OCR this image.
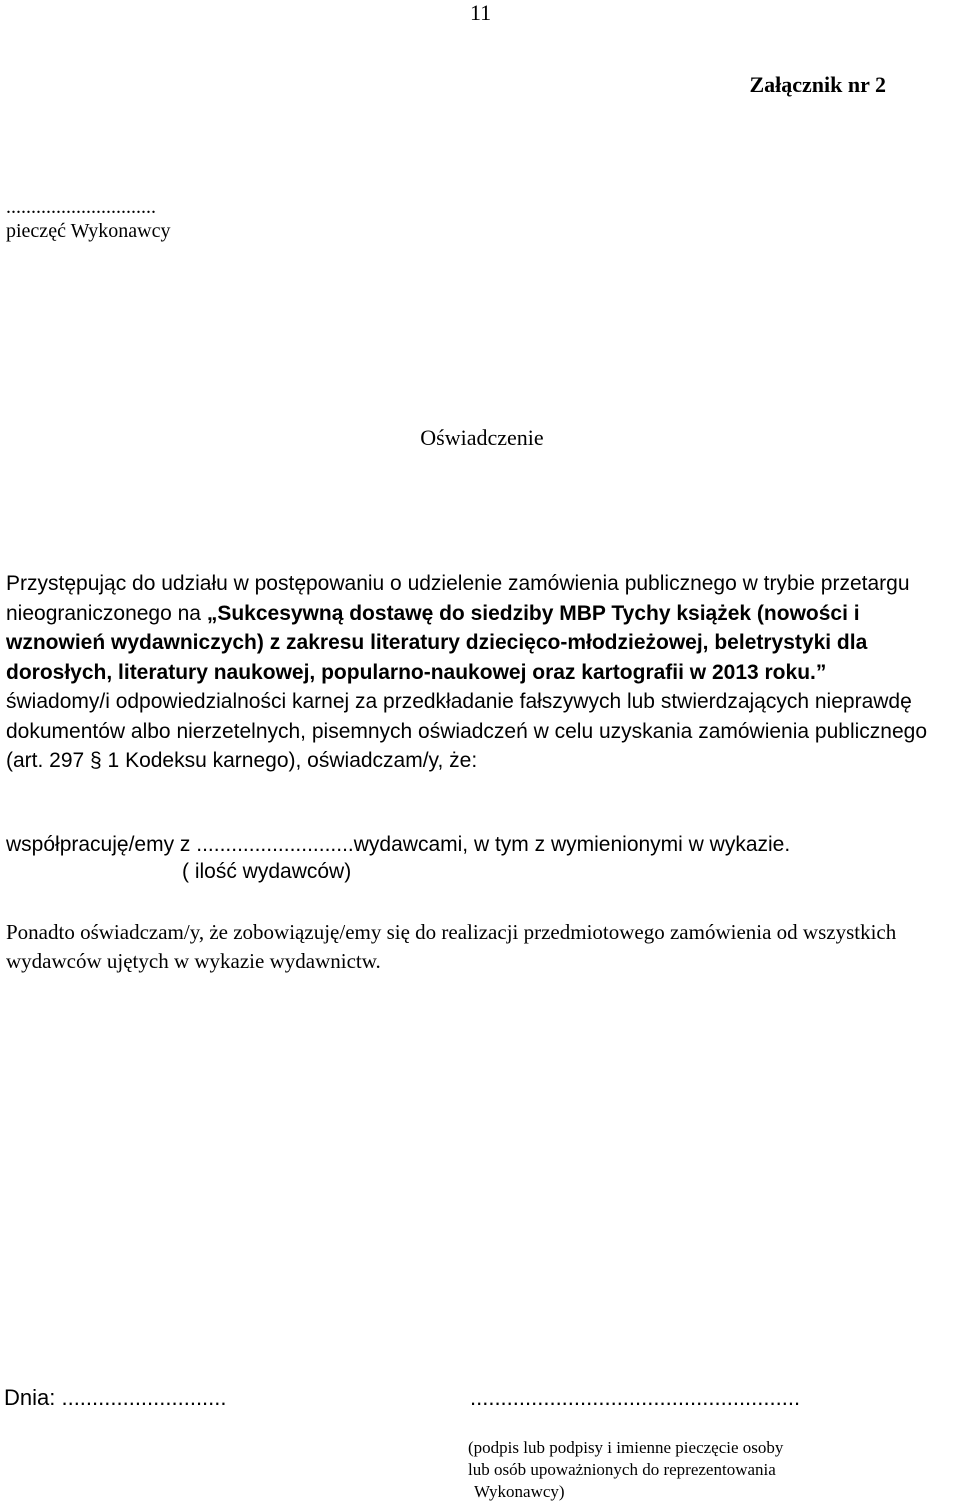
11
Załącznik nr 2
..............................
pieczęć Wykonawcy
Oświadczenie
Przystępując do udziału w postępowaniu o udzielenie zamówienia publicznego w trybie przetargu nieograniczonego na „Sukcesywną dostawę do siedziby MBP Tychy książek (nowości i wznowień wydawniczych) z zakresu literatury dziecięco-młodzieżowej, beletrystyki dla dorosłych, literatury naukowej, popularno-naukowej oraz kartografii w 2013 roku.”
świadomy/i odpowiedzialności karnej za przedkładanie fałszywych lub stwierdzających nieprawdę dokumentów albo nierzetelnych, pisemnych oświadczeń w celu uzyskania zamówienia publicznego (art. 297 § 1 Kodeksu karnego), oświadczam/y, że:
współpracuję/emy z ...........................wydawcami, w tym z wymienionymi w wykazie.
( ilość wydawców)
Ponadto oświadczam/y, że zobowiązuję/emy się do realizacji przedmiotowego zamówienia od wszystkich wydawców ujętych w wykazie wydawnictw.
Dnia: ...........................	......................................................
(podpis lub podpisy i imienne pieczęcie osoby
lub osób upoważnionych do reprezentowania
Wykonawcy)
